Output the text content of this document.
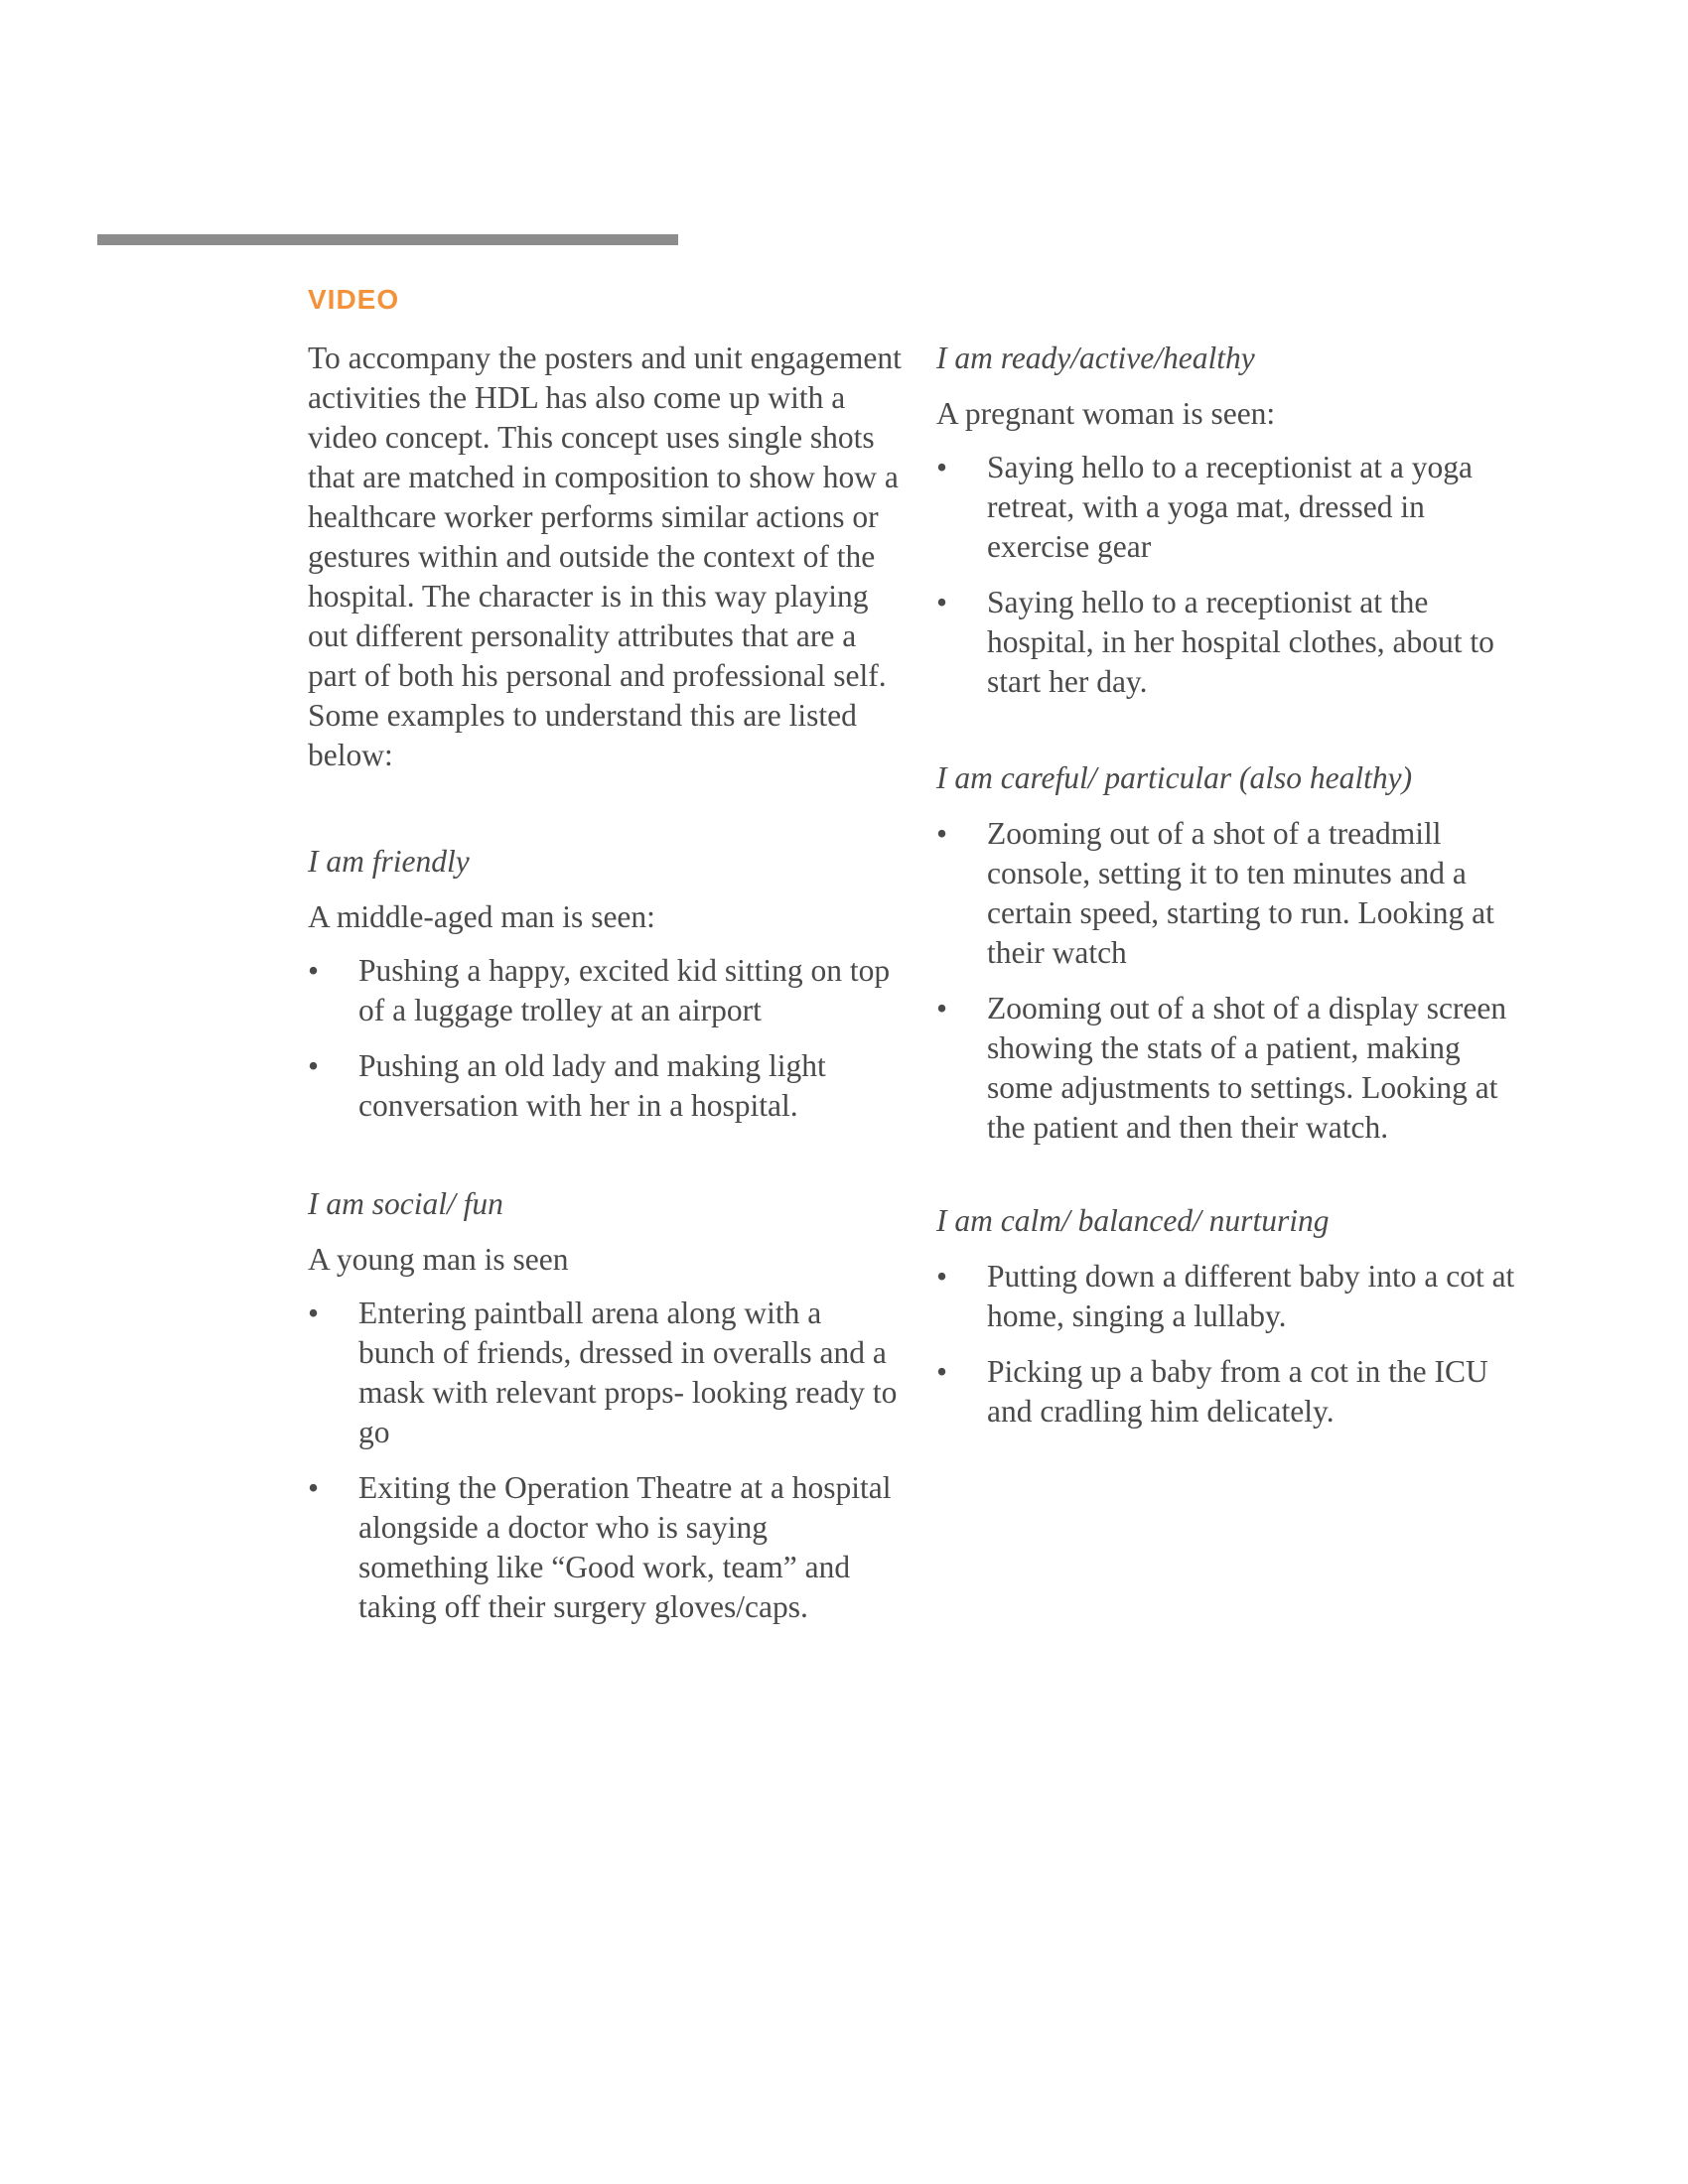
VIDEO

To accompany the posters and unit engagement activities the HDL has also come up with a video concept. This concept uses single shots that are matched in composition to show how a healthcare worker performs similar actions or gestures within and outside the context of the hospital. The character is in this way playing out different personality attributes that are a part of both his personal and professional self. Some examples to understand this are listed below:

I am friendly
A middle-aged man is seen:
• Pushing a happy, excited kid sitting on top of a luggage trolley at an airport
• Pushing an old lady and making light conversation with her in a hospital.
I am social/ fun
A young man is seen
• Entering paintball arena along with a bunch of friends, dressed in overalls and a mask with relevant props- looking ready to go
• Exiting the Operation Theatre at a hospital alongside a doctor who is saying something like “Good work, team” and taking off their surgery gloves/caps.
I am ready/active/healthy
A pregnant woman is seen:
• Saying hello to a receptionist at a yoga retreat, with a yoga mat, dressed in exercise gear
• Saying hello to a receptionist at the hospital, in her hospital clothes, about to start her day.
I am careful/ particular (also healthy)
• Zooming out of a shot of a treadmill console, setting it to ten minutes and a certain speed, starting to run. Looking at their watch
• Zooming out of a shot of a display screen showing the stats of a patient, making some adjustments to settings. Looking at the patient and then their watch.
I am calm/ balanced/ nurturing
• Putting down a different baby into a cot at home, singing a lullaby.
• Picking up a baby from a cot in the ICU and cradling him delicately.
